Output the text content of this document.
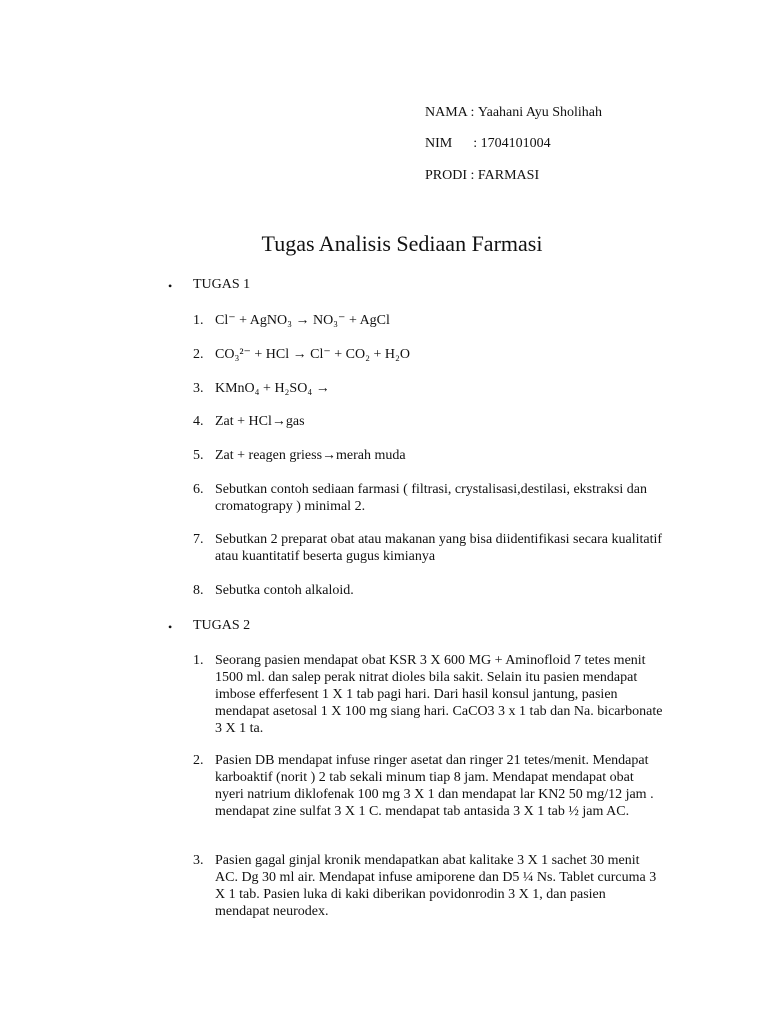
NAMA : Yaahani Ayu Sholihah
NIM      : 1704101004
PRODI : FARMASI
Tugas Analisis Sediaan Farmasi
• TUGAS 1
1. Cl⁻ + AgNO₃ → NO₃⁻ + AgCl
2. CO₃²⁻ + HCl → Cl⁻ + CO₂ + H₂O
3. KMnO₄ + H₂SO₄ →
4. Zat + HCl→gas
5. Zat + reagen griess→merah muda
6. Sebutkan contoh sediaan farmasi ( filtrasi, crystalisasi,destilasi, ekstraksi dan cromatograpy ) minimal 2.
7. Sebutkan 2 preparat obat atau makanan yang bisa diidentifikasi secara kualitatif atau kuantitatif beserta gugus kimianya
8. Sebutka contoh alkaloid.
• TUGAS 2
1. Seorang pasien mendapat obat KSR 3 X 600 MG + Aminofloid 7 tetes menit 1500 ml. dan salep perak nitrat dioles bila sakit. Selain itu pasien mendapat imbose efferfesent 1 X 1 tab pagi hari. Dari hasil konsul jantung, pasien mendapat asetosal 1 X 100 mg siang hari. CaCO3 3 x 1 tab dan Na. bicarbonate 3 X 1 ta.
2. Pasien DB mendapat infuse ringer asetat dan ringer 21 tetes/menit. Mendapat karboaktif (norit ) 2 tab sekali minum tiap 8 jam. Mendapat mendapat obat nyeri natrium diklofenak 100 mg 3 X 1 dan mendapat lar KN2 50 mg/12 jam . mendapat zine sulfat 3 X 1 C. mendapat tab antasida 3 X 1 tab ½ jam AC.
3. Pasien gagal ginjal kronik mendapatkan abat kalitake 3 X 1 sachet 30 menit AC. Dg 30 ml air. Mendapat infuse amiporene dan D5 ¼ Ns. Tablet curcuma 3 X 1 tab. Pasien luka di kaki diberikan povidonrodin 3 X 1, dan pasien mendapat neurodex.
